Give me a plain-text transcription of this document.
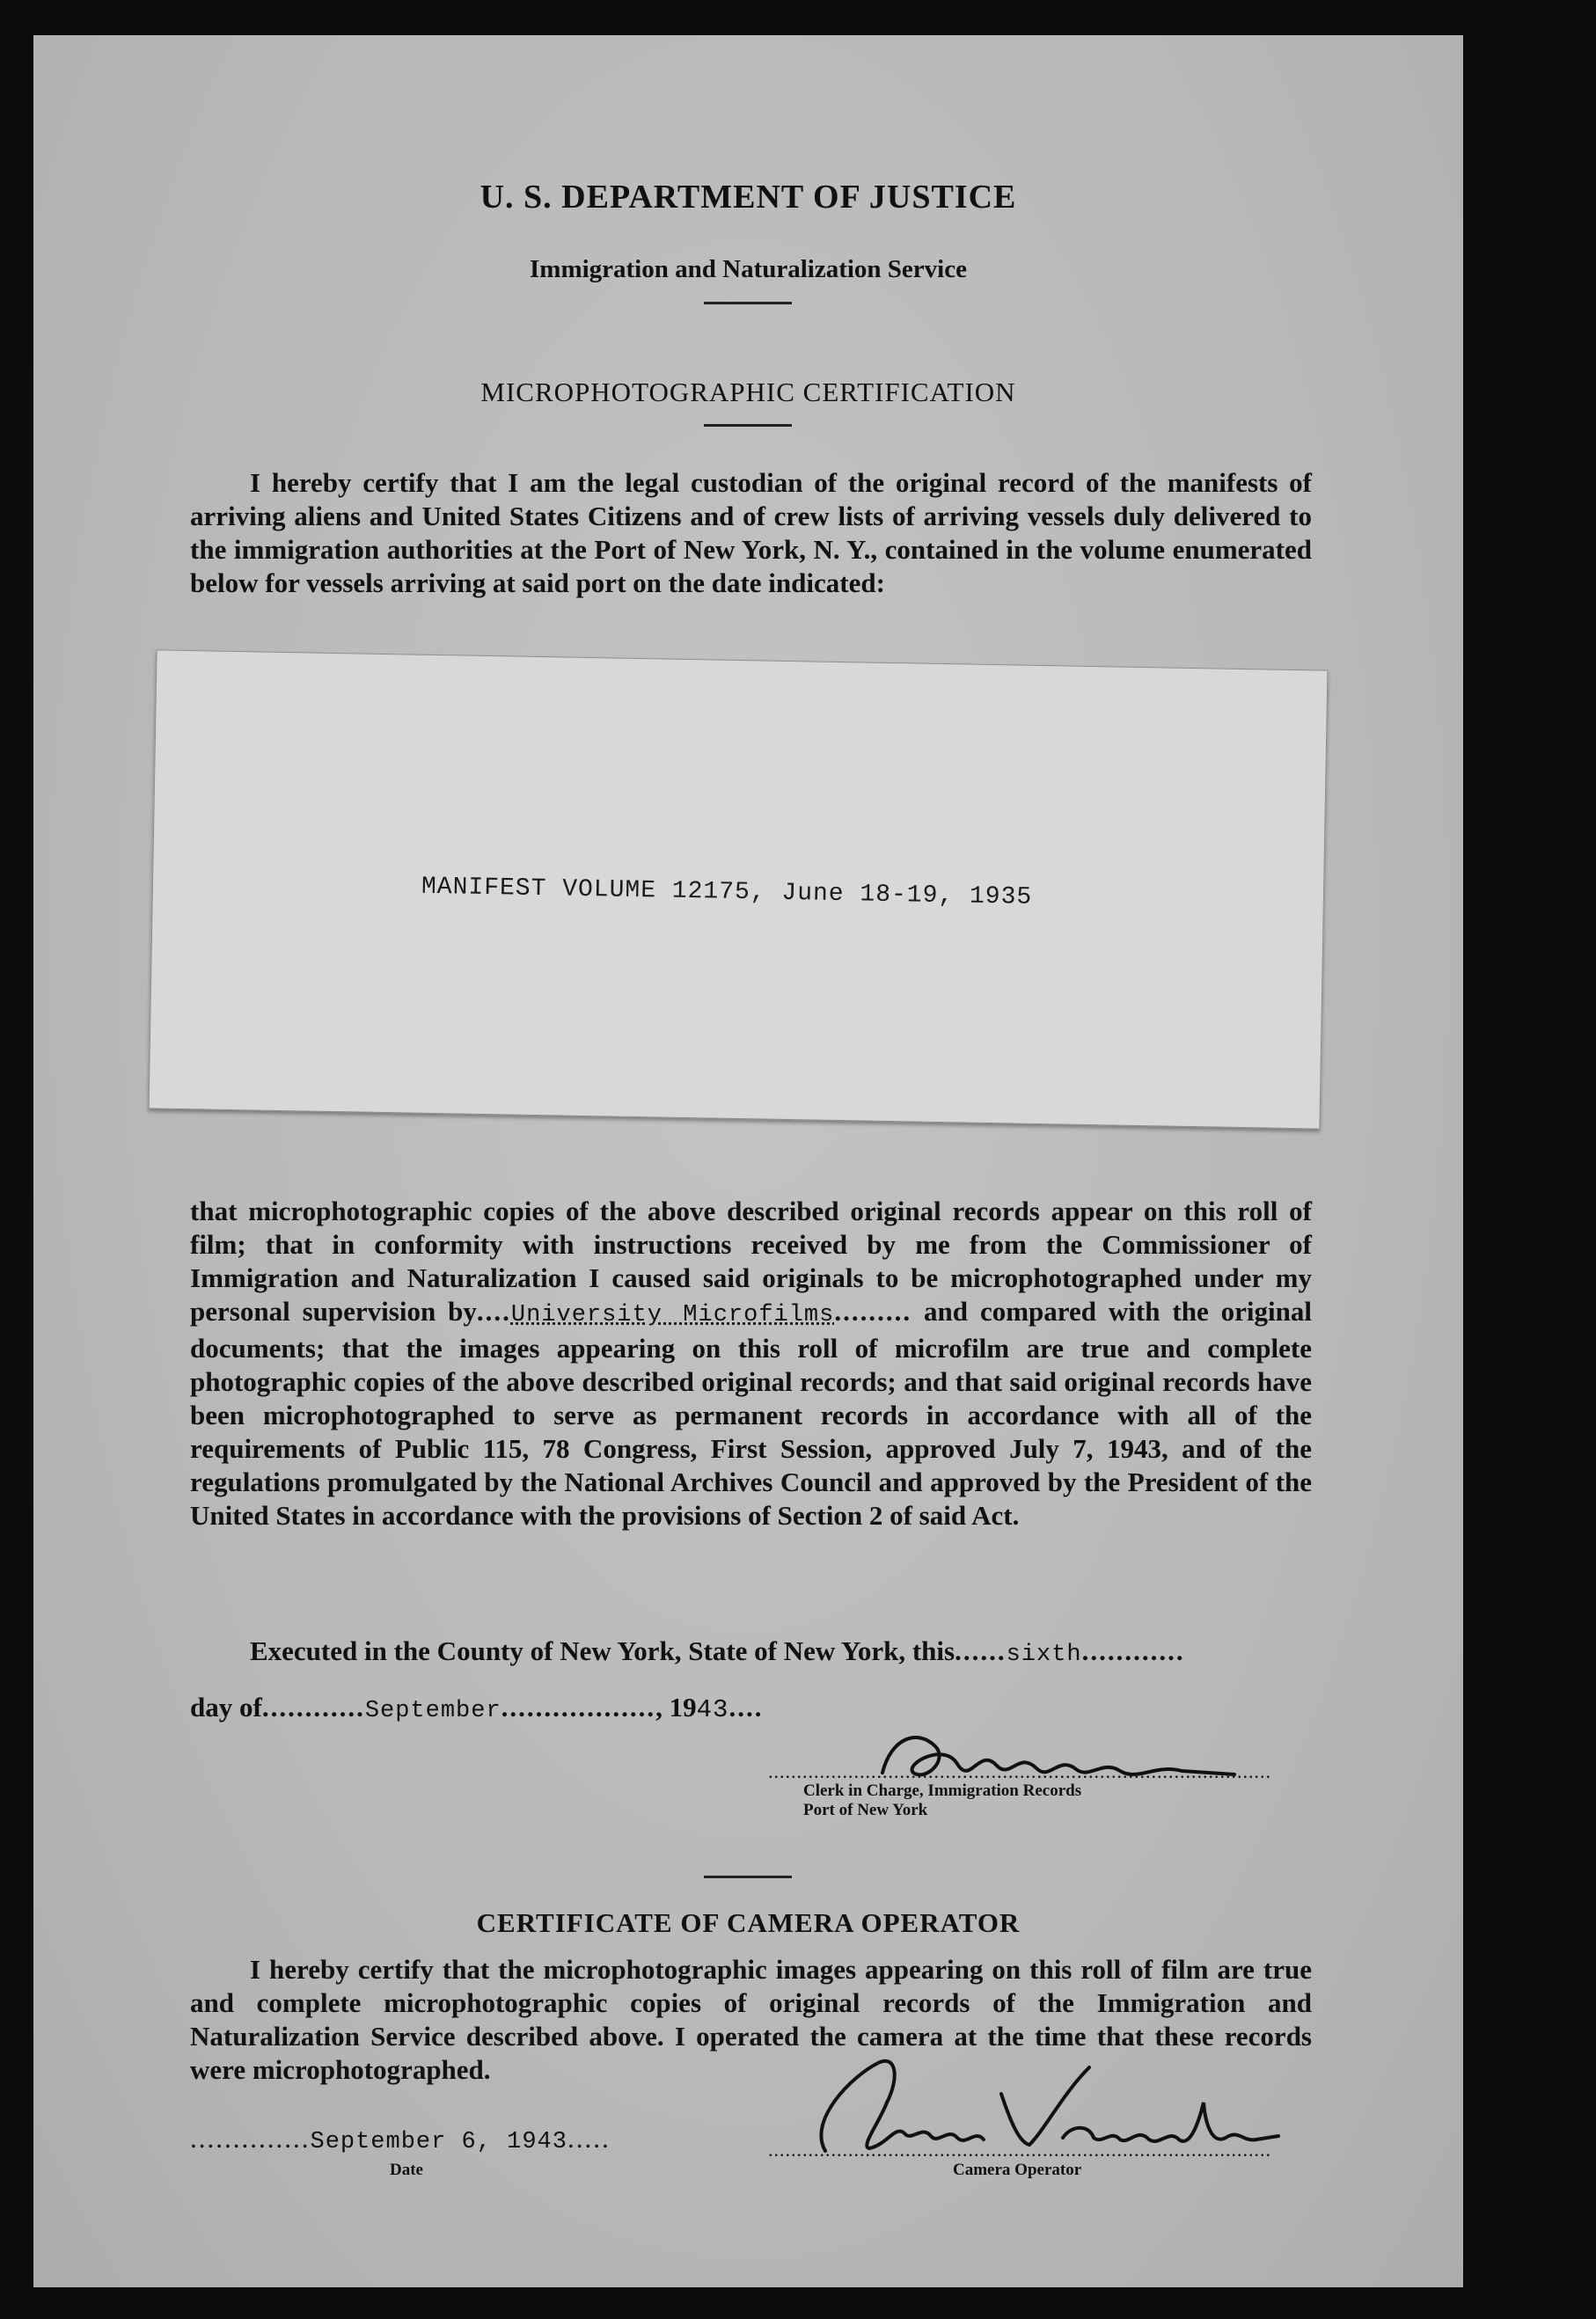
U. S. DEPARTMENT OF JUSTICE
Immigration and Naturalization Service
MICROPHOTOGRAPHIC CERTIFICATION
I hereby certify that I am the legal custodian of the original record of the manifests of arriving aliens and United States Citizens and of crew lists of arriving vessels duly delivered to the immigration authorities at the Port of New York, N. Y., contained in the volume enumerated below for vessels arriving at said port on the date indicated:
MANIFEST VOLUME 12175, June 18-19, 1935
that microphotographic copies of the above described original records appear on this roll of film; that in conformity with instructions received by me from the Commissioner of Immigration and Naturalization I caused said originals to be microphotographed under my personal supervision by....University Microfilms......... and compared with the original documents; that the images appearing on this roll of microfilm are true and complete photographic copies of the above described original records; and that said original records have been microphotographed to serve as permanent records in accordance with all of the requirements of Public 115, 78 Congress, First Session, approved July 7, 1943, and of the regulations promulgated by the National Archives Council and approved by the President of the United States in accordance with the provisions of Section 2 of said Act.
Executed in the County of New York, State of New York, this......sixth............
day of............September.................., 1943....
........................................................................................
Clerk in Charge, Immigration Records
Port of New York
CERTIFICATE OF CAMERA OPERATOR
I hereby certify that the microphotographic images appearing on this roll of film are true and complete microphotographic copies of original records of the Immigration and Naturalization Service described above. I operated the camera at the time that these records were microphotographed.
..............September 6, 1943.....
Date
........................................................................................
Camera Operator
